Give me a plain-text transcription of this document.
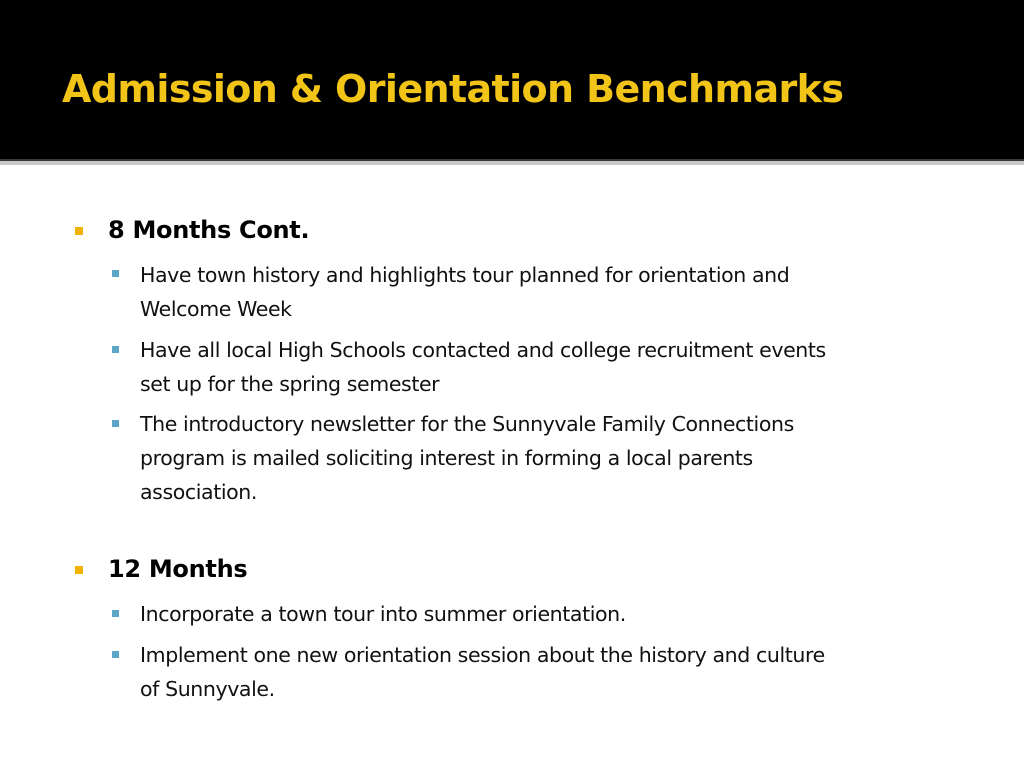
Admission & Orientation Benchmarks
8 Months Cont.
Have town history and highlights tour planned for orientation and
Welcome Week
Have all local High Schools contacted and college recruitment events
set up for the spring semester
The introductory newsletter for the Sunnyvale Family Connections
program is mailed soliciting interest in forming a local parents
association.
12 Months
Incorporate a town tour into summer orientation.
Implement one new orientation session about the history and culture
of Sunnyvale.
